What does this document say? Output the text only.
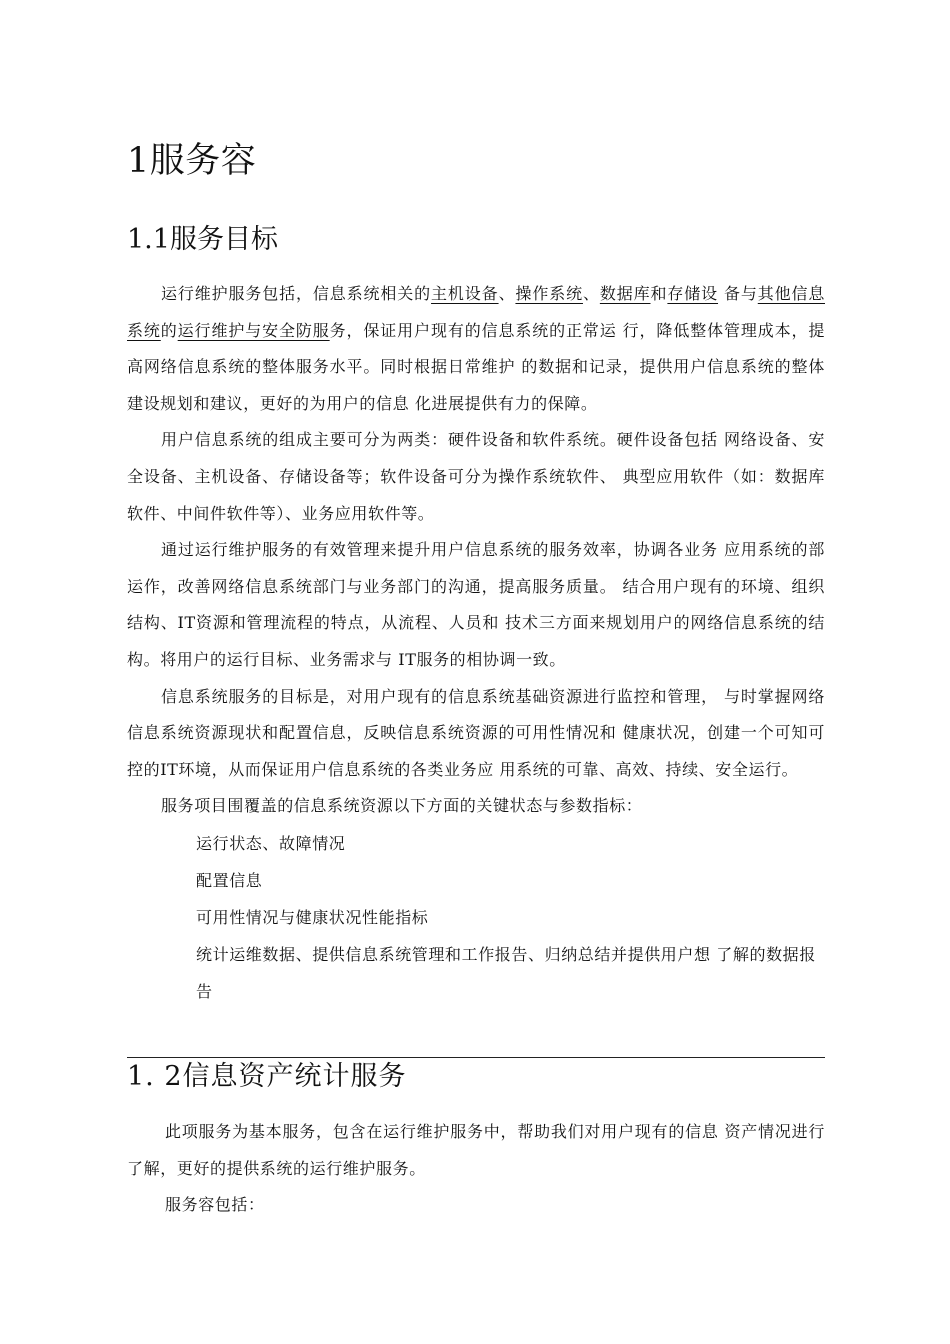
1服务容
1.1服务目标

运行维护服务包括，信息系统相关的主机设备、操作系统、数据库和存储设 备与其他信息系统的运行维护与安全防服务，保证用户现有的信息系统的正常运 行，降低整体管理成本，提高网络信息系统的整体服务水平。同时根据日常维护 的数据和记录，提供用户信息系统的整体建设规划和建议，更好的为用户的信息 化进展提供有力的保障。

用户信息系统的组成主要可分为两类：硬件设备和软件系统。硬件设备包括 网络设备、安全设备、主机设备、存储设备等；软件设备可分为操作系统软件、 典型应用软件（如：数据库软件、中间件软件等）、业务应用软件等。

通过运行维护服务的有效管理来提升用户信息系统的服务效率，协调各业务 应用系统的部运作，改善网络信息系统部门与业务部门的沟通，提高服务质量。 结合用户现有的环境、组织结构、IT资源和管理流程的特点，从流程、人员和 技术三方面来规划用户的网络信息系统的结构。将用户的运行目标、业务需求与 IT服务的相协调一致。

信息系统服务的目标是，对用户现有的信息系统基础资源进行监控和管理， 与时掌握网络信息系统资源现状和配置信息，反映信息系统资源的可用性情况和 健康状况，创建一个可知可控的IT环境，从而保证用户信息系统的各类业务应 用系统的可靠、高效、持续、安全运行。

服务项目围覆盖的信息系统资源以下方面的关键状态与参数指标：

运行状态、故障情况
配置信息
可用性情况与健康状况性能指标
统计运维数据、提供信息系统管理和工作报告、归纳总结并提供用户想 了解的数据报告
1. 2信息资产统计服务

此项服务为基本服务，包含在运行维护服务中，帮助我们对用户现有的信息 资产情况进行了解，更好的提供系统的运行维护服务。

服务容包括：
